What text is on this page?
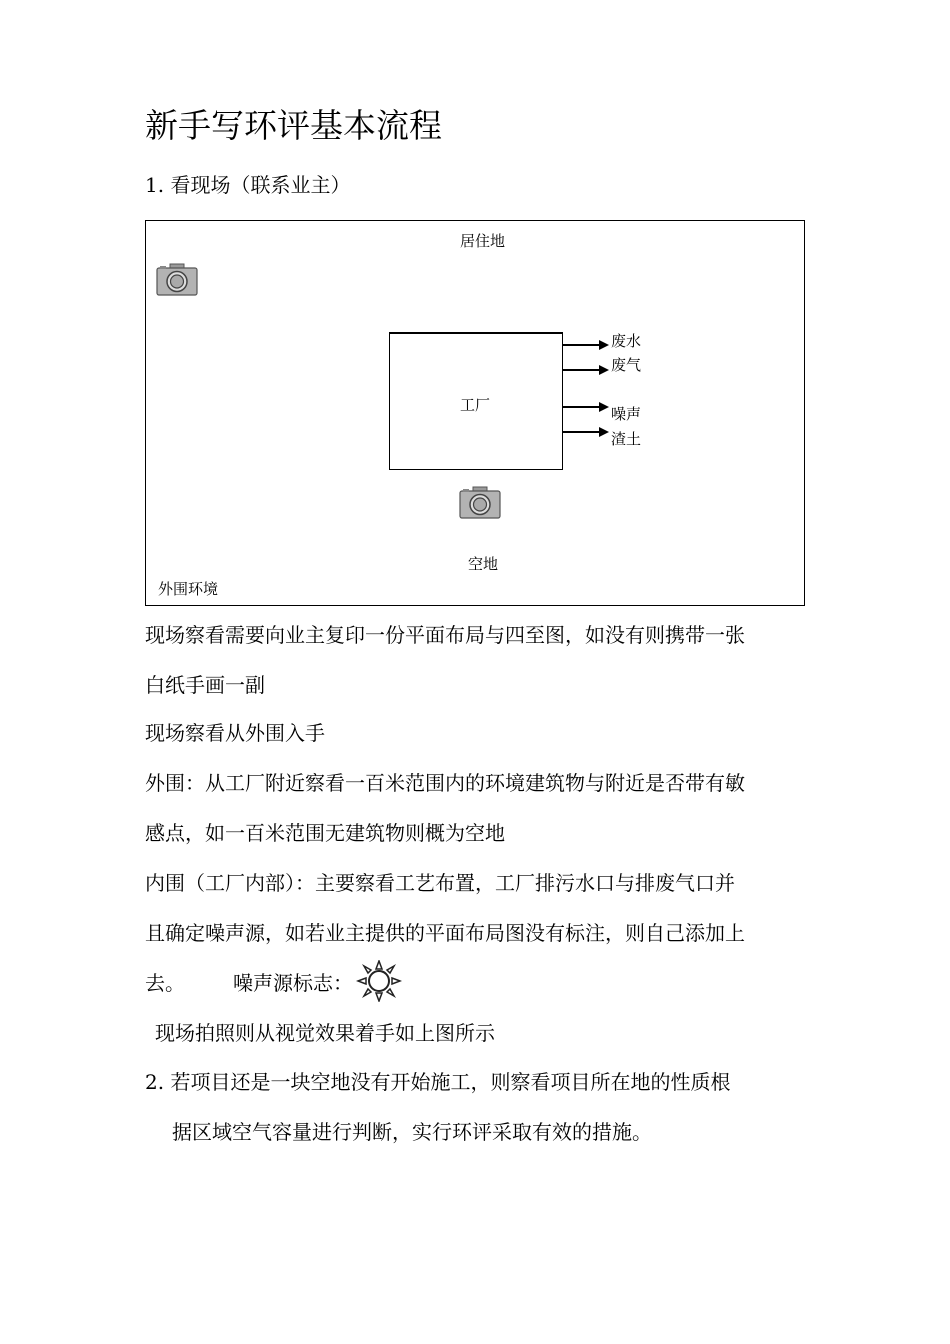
新手写环评基本流程
1. 看现场（联系业主）
居住地
工厂
废水
废气
噪声
渣土
空地
外围环境
现场察看需要向业主复印一份平面布局与四至图，如没有则携带一张
白纸手画一副
现场察看从外围入手
外围：从工厂附近察看一百米范围内的环境建筑物与附近是否带有敏
感点，如一百米范围无建筑物则概为空地
内围（工厂内部）：主要察看工艺布置，工厂排污水口与排废气口并
且确定噪声源，如若业主提供的平面布局图没有标注，则自己添加上
去。 噪声源标志：
现场拍照则从视觉效果着手如上图所示
2. 若项目还是一块空地没有开始施工，则察看项目所在地的性质根
据区域空气容量进行判断，实行环评采取有效的措施。
